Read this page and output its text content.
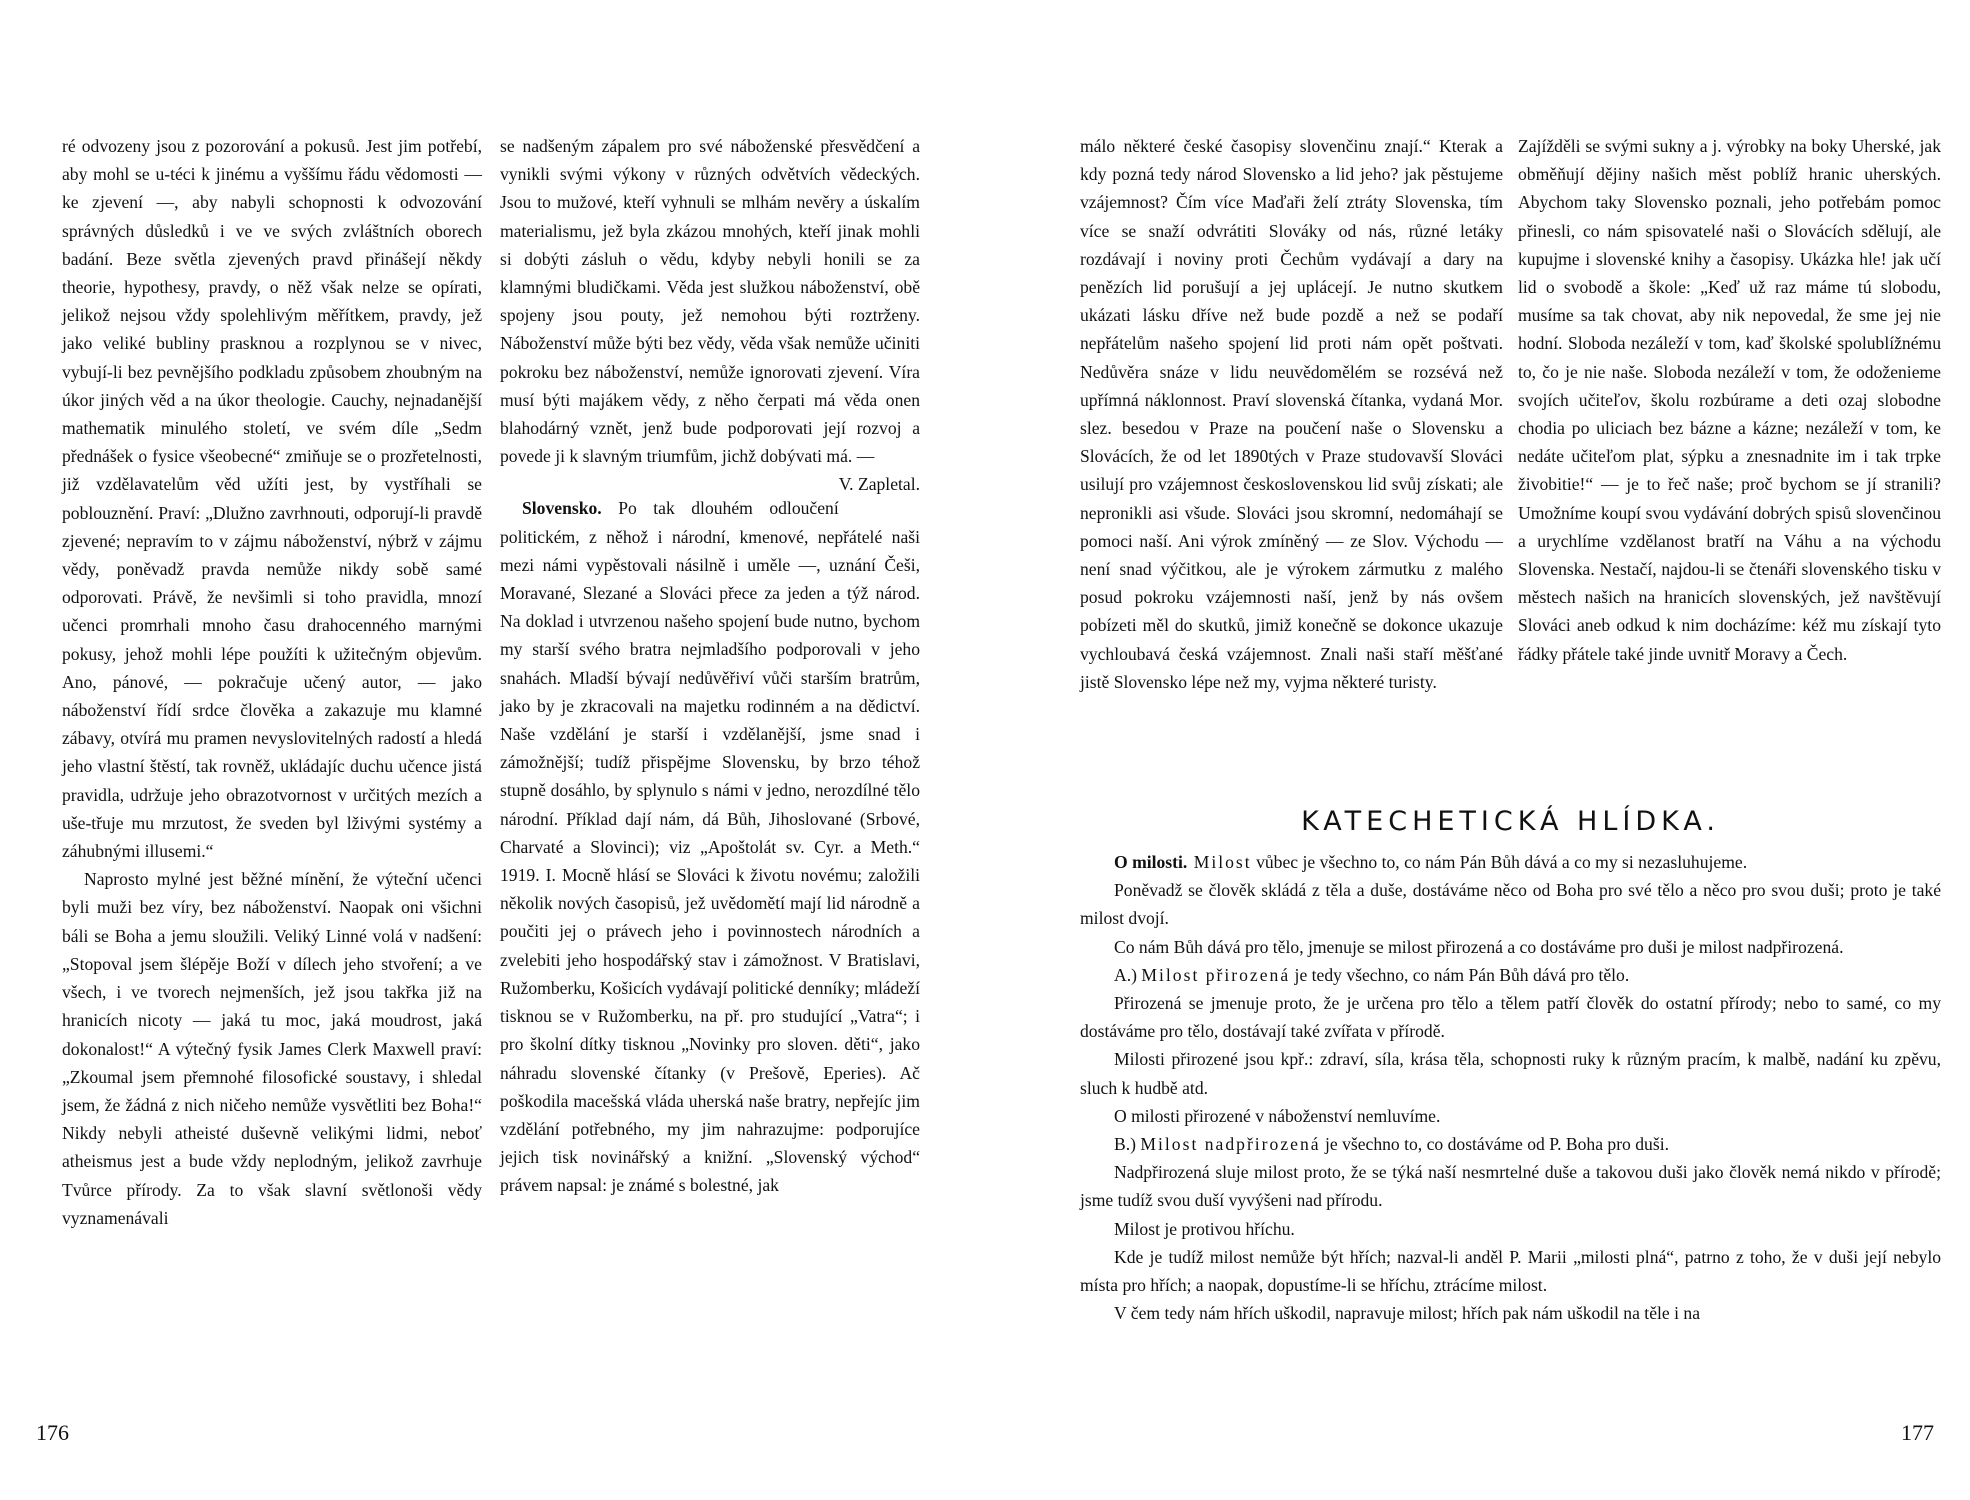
ré odvozeny jsou z pozorování a pokusů. Jest jim potřebí, aby mohl se u-téci k jinému a vyššímu řádu vědomosti — ke zjevení —, aby nabyli schopnosti k odvozování správných důsledků i ve ve svých zvláštních oborech badání. Beze světla zjevených pravd přinášejí někdy theorie, hypothesy, pravdy, o něž však nelze se opírati, jelikož nejsou vždy spolehlivým měřítkem, pravdy, jež jako veliké bubliny prasknou a rozplynou se v nivec, vybují-li bez pevnějšího podkladu způsobem zhoubným na úkor jiných věd a na úkor theologie. Cauchy, nejnadanější mathematik minulého století, ve svém díle „Sedm přednášek o fysice všeobecné“ zmiňuje se o prozřetelnosti, již vzdělavatelům věd užíti jest, by vystříhali se poblouznění. Praví: „Dlužno zavrhnouti, odporují-li pravdě zjevené; nepravím to v zájmu náboženství, nýbrž v zájmu vědy, poněvadž pravda nemůže nikdy sobě samé odporovati. Právě, že nevšimli si toho pravidla, mnozí učenci promrhali mnoho času drahocenného marnými pokusy, jehož mohli lépe použíti k užitečným objevům. Ano, pánové, — pokračuje učený autor, — jako náboženství řídí srdce člověka a zakazuje mu klamné zábavy, otvírá mu pramen nevyslovitelných radostí a hledá jeho vlastní štěstí, tak rovněž, ukládajíc duchu učence jistá pravidla, udržuje jeho obrazotvornost v určitých mezích a uše-třuje mu mrzutost, že sveden byl lživými systémy a záhubnými illusemi.“

Naprosto mylné jest běžné mínění, že výteční učenci byli muži bez víry, bez náboženství. Naopak oni všichni báli se Boha a jemu sloužili. Veliký Linné volá v nadšení: „Stopoval jsem šlépěje Boží v dílech jeho stvoření; a ve všech, i ve tvorech nejmenších, jež jsou takřka již na hranicích nicoty — jaká tu moc, jaká moudrost, jaká dokonalost!“ A výtečný fysik James Clerk Maxwell praví: „Zkoumal jsem přemnohé filosofické soustavy, i shledal jsem, že žádná z nich ničeho nemůže vysvětliti bez Boha!“ Nikdy nebyli atheisté duševně velikými lidmi, neboť atheismus jest a bude vždy neplodným, jelikož zavrhuje Tvůrce přírody. Za to však slavní světlonoši vědy vyznamenávali

se nadšeným zápalem pro své náboženské přesvědčení a vynikli svými výkony v různých odvětvích vědeckých. Jsou to mužové, kteří vyhnuli se mlhám nevěry a úskalím materialismu, jež byla zkázou mnohých, kteří jinak mohli si dobýti zásluh o vědu, kdyby nebyli honili se za klamnými bludičkami. Věda jest služkou náboženství, obě spojeny jsou pouty, jež nemohou býti roztrženy. Náboženství může býti bez vědy, věda však nemůže učiniti pokroku bez náboženství, nemůže ignorovati zjevení. Víra musí býti majákem vědy, z něho čerpati má věda onen blahodárný vznět, jenž bude podporovati její rozvoj a povede ji k slavným triumfům, jichž dobývati má. —
V. Zapletal.

Slovensko. Po tak dlouhém odloučení politickém, z něhož i národní, kmenové, nepřátelé naši mezi námi vypěstovali násilně i uměle —, uznání Češi, Moravané, Slezané a Slováci přece za jeden a týž národ. Na doklad i utvrzenou našeho spojení bude nutno, bychom my starší svého bratra nejmladšího podporovali v jeho snahách. Mladší bývají nedůvěřiví vůči starším bratrům, jako by je zkracovali na majetku rodinném a na dědictví. Naše vzdělání je starší i vzdělanější, jsme snad i zámožnější; tudíž přispějme Slovensku, by brzo téhož stupně dosáhlo, by splynulo s námi v jedno, nerozdílné tělo národní. Příklad dají nám, dá Bůh, Jihoslované (Srbové, Charvaté a Slovinci); viz „Apoštolát sv. Cyr. a Meth.“ 1919. I. Mocně hlásí se Slováci k životu novému; založili několik nových časopisů, jež uvědomětí mají lid národně a poučiti jej o právech jeho i povinnostech národních a zvelebiti jeho hospodářský stav i zámožnost. V Bratislavi, Ružomberku, Košicích vydávají politické denníky; mládeží tisknou se v Ružomberku, na př. pro studující „Vatra“; i pro školní dítky tisknou „Novinky pro sloven. děti“, jako náhradu slovenské čítanky (v Prešově, Eperies). Ač poškodila macešská vláda uherská naše bratry, nepřejíc jim vzdělání potřebného, my jim nahrazujme: podporujíce jejich tisk novinářský a knižní. „Slovenský východ“ právem napsal: je známé s bolestné, jak

176

málo některé české časopisy slovenčinu znají.“ Kterak a kdy pozná tedy národ Slovensko a lid jeho? jak pěstujeme vzájemnost? Čím více Maďaři želí ztráty Slovenska, tím více se snaží odvrátiti Slováky od nás, různé letáky rozdávají i noviny proti Čechům vydávají a dary na penězích lid porušují a jej uplácejí. Je nutno skutkem ukázati lásku dříve než bude pozdě a než se podaří nepřátelům našeho spojení lid proti nám opět poštvati. Nedůvěra snáze v lidu neuvědomělém se rozsévá než upřímná náklonnost. Praví slovenská čítanka, vydaná Mor. slez. besedou v Praze na poučení naše o Slovensku a Slovácích, že od let 1890tých v Praze studovavší Slováci usilují pro vzájemnost československou lid svůj získati; ale nepronikli asi všude. Slováci jsou skromní, nedomáhají se pomoci naší. Ani výrok zmíněný — ze Slov. Východu — není snad výčitkou, ale je výrokem zármutku z malého posud pokroku vzájemnosti naší, jenž by nás ovšem pobízeti měl do skutků, jimiž konečně se dokonce ukazuje vychloubavá česká vzájemnost. Znali naši staří měšťané jistě Slovensko lépe než my, vyjma některé turisty.

Zajížděli se svými sukny a j. výrobky na boky Uherské, jak obměňují dějiny našich měst poblíž hranic uherských. Abychom taky Slovensko poznali, jeho potřebám pomoc přinesli, co nám spisovatelé naši o Slovácích sdělují, ale kupujme i slovenské knihy a časopisy. Ukázka hle! jak učí lid o svobodě a škole: „Keď už raz máme tú slobodu, musíme sa tak chovat, aby nik nepovedal, že sme jej nie hodní. Sloboda nezáleží v tom, kaď školské spolublížnému to, čo je nie naše. Sloboda nezáleží v tom, že odoženieme svojích učiteľov, školu rozbúrame a deti ozaj slobodne chodia po uliciach bez bázne a kázne; nezáleží v tom, ke nedáte učiteľom plat, sýpku a znesnadnite im i tak trpke živobitie!“ — je to řeč naše; proč bychom se jí stranili? Umožníme koupí svou vydávání dobrých spisů slovenčinou a urychlíme vzdělanost bratří na Váhu a na východu Slovenska. Nestačí, najdou-li se čtenáři slovenského tisku v městech našich na hranicích slovenských, jež navštěvují Slováci aneb odkud k nim docházíme: kéž mu získají tyto řádky přátele také jinde uvnitř Moravy a Čech.

KATECHETICKÁ HLÍDKA.

O milosti. Milost vůbec je všechno to, co nám Pán Bůh dává a co my si nezasluhujeme.

Poněvadž se člověk skládá z těla a duše, dostáváme něco od Boha pro své tělo a něco pro svou duši; proto je také milost dvojí.

Co nám Bůh dává pro tělo, jmenuje se milost přirozená a co dostáváme pro duši je milost nadpřirozená.

A.) Milost přirozená je tedy všechno, co nám Pán Bůh dává pro tělo.

Přirozená se jmenuje proto, že je určena pro tělo a tělem patří člověk do ostatní přírody; nebo to samé, co my dostáváme pro tělo, dostávají také zvířata v přírodě.

Milosti přirozené jsou kpř.: zdraví, síla, krása těla, schopnosti ruky k různým pracím, k malbě, nadání ku zpěvu, sluch k hudbě atd.

O milosti přirozené v náboženství nemluvíme.

B.) Milost nadpřirozená je všechno to, co dostáváme od P. Boha pro duši.

Nadpřirozená sluje milost proto, že se týká naší nesmrtelné duše a takovou duši jako člověk nemá nikdo v přírodě; jsme tudíž svou duší vyvýšeni nad přírodu.

Milost je protivou hříchu.

Kde je tudíž milost nemůže být hřích; nazval-li anděl P. Marii „milosti plná“, patrno z toho, že v duši její nebylo místa pro hřích; a naopak, dopustíme-li se hříchu, ztrácíme milost.

V čem tedy nám hřích uškodil, napravuje milost; hřích pak nám uškodil na těle i na

177
